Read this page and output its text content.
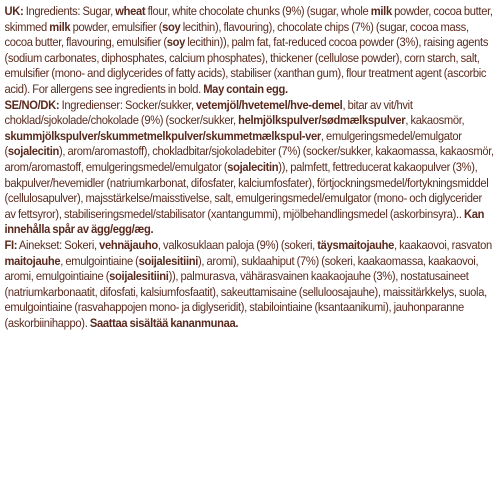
UK: Ingredients: Sugar, wheat flour, white chocolate chunks (9%) (sugar, whole milk powder, cocoa butter, skimmed milk powder, emulsifier (soy lecithin), flavouring), chocolate chips (7%) (sugar, cocoa mass, cocoa butter, flavouring, emulsifier (soy lecithin)), palm fat, fat-reduced cocoa powder (3%), raising agents (sodium carbonates, diphosphates, calcium phosphates), thickener (cellulose powder), corn starch, salt, emulsifier (mono- and diglycerides of fatty acids), stabiliser (xanthan gum), flour treatment agent (ascorbic acid). For allergens see ingredients in bold. May contain egg.

SE/NO/DK: Ingredienser: Socker/sukker, vetemjöl/hvetemel/hve-demel, bitar av vit/hvit choklad/sjokolade/chokolade (9%) (socker/sukker, helmjölkspulver/sødmælkspulver, kakaosmör, skummjölkspulver/skummetmelkpulver/skummetmælkspul-ver, emulgeringsmedel/emulgator (sojalecitin), arom/aromastoff), chokladbitar/sjokoladebiter (7%) (socker/sukker, kakaomassa, kakaosmör, arom/aromastoff, emulgeringsmedel/emulgator (sojalecitin)), palmfett, fettreducerat kakaopulver (3%), bakpulver/hevemidler (natriumkarbonat, difosfater, kalciumfosfater), förtjockningsmedel/fortykningsmiddel (cellulosapulver), majsstärkelse/maisstivelse, salt, emulgeringsmedel/emulgator (mono- och diglycerider av fettsyror), stabiliseringsmedel/stabilisator (xantangummi), mjölbehandlingsmedel (askorbinsyra).. Kan innehålla spår av ägg/egg/æg.

FI: Ainekset: Sokeri, vehnäjauho, valkosuklaan paloja (9%) (sokeri, täysmaitojauhe, kaakaovoi, rasvaton maitojauhe, emulgointiaine (soijalesitiini), aromi), suklaahiput (7%) (sokeri, kaakaomassa, kaakaovoi, aromi, emulgointiaine (soijalesitiini)), palmurasva, vähärasvainen kaakaojauhe (3%), nostatusaineet (natriumkarbonaatit, difosfati, kalsiumfosfaatit), sakeuttamisaine (selluloosajauhe), maissitärkkelys, suola, emulgointiaine (rasvahappojen mono- ja diglyseridit), stabilointiaine (ksantaanikumi), jauhonparanne (askorbiinihappo). Saattaa sisältää kananmunaa.
